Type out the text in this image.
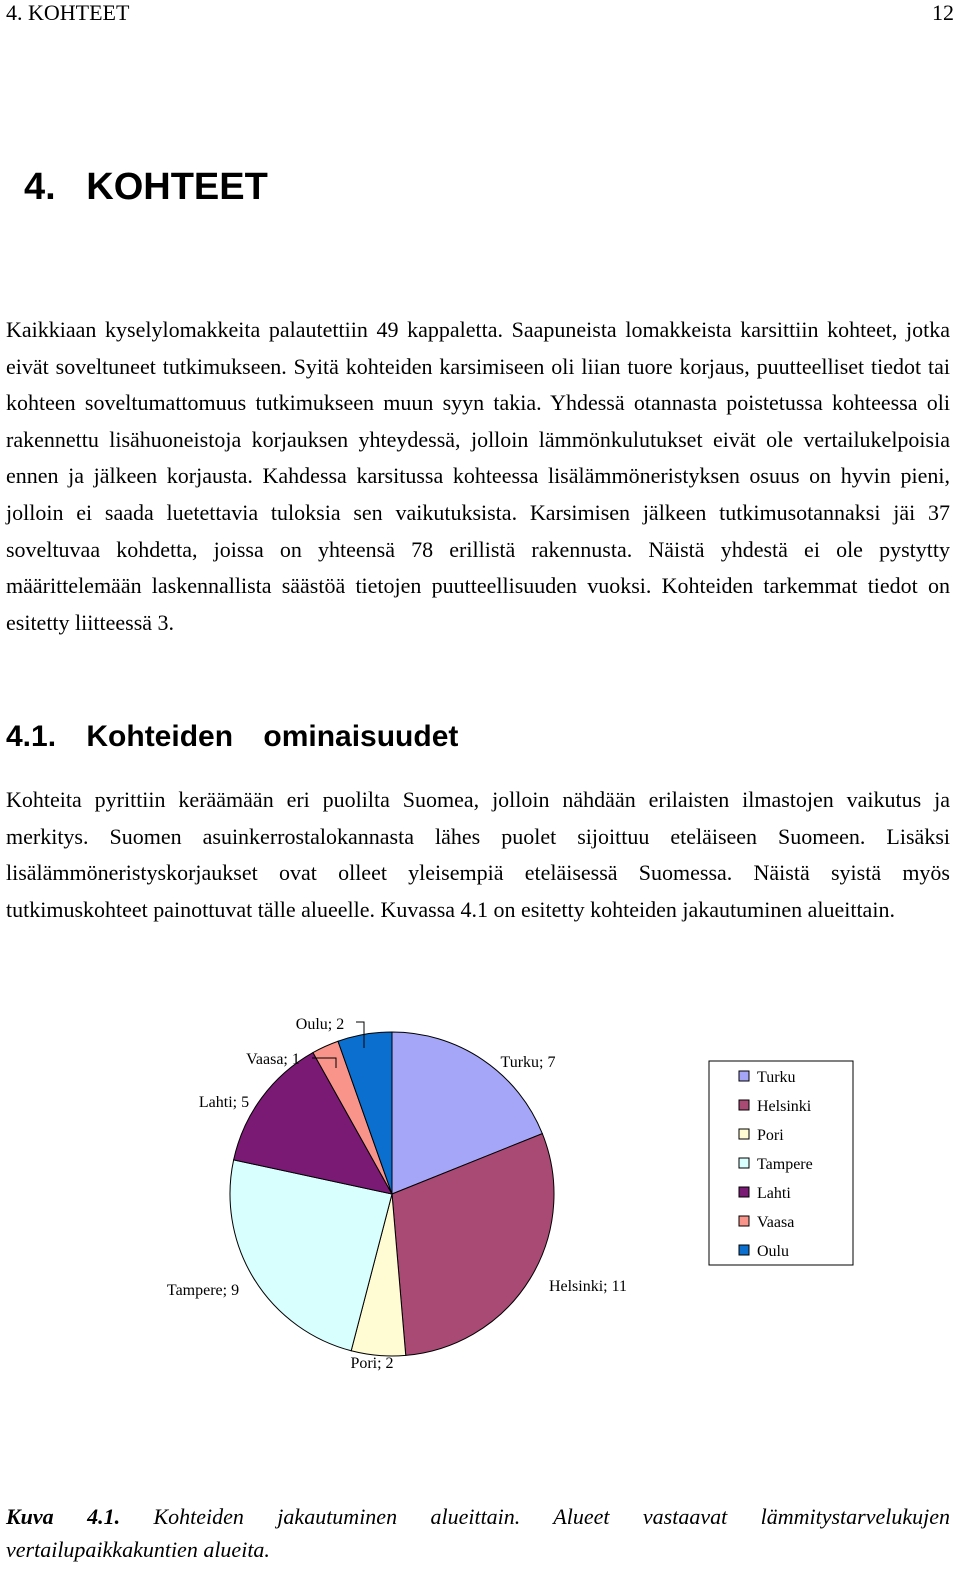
4. KOHTEET	12
4. KOHTEET

Kaikkiaan kyselylomakkeita palautettiin 49 kappaletta. Saapuneista lomakkeista karsittiin kohteet, jotka eivät soveltuneet tutkimukseen. Syitä kohteiden karsimiseen oli liian tuore korjaus, puutteelliset tiedot tai kohteen soveltumattomuus tutkimukseen muun syyn takia. Yhdessä otannasta poistetussa kohteessa oli rakennettu lisähuoneistoja korjauksen yhteydessä, jolloin lämmönkulutukset eivät ole vertailukelpoisia ennen ja jälkeen korjausta. Kahdessa karsitussa kohteessa lisälämmöneristyksen osuus on hyvin pieni, jolloin ei saada luetettavia tuloksia sen vaikutuksista. Karsimisen jälkeen tutkimusotannaksi jäi 37 soveltuvaa kohdetta, joissa on yhteensä 78 erillistä rakennusta. Näistä yhdestä ei ole pystytty määrittelemään laskennallista säästöä tietojen puutteellisuuden vuoksi. Kohteiden tarkemmat tiedot on esitetty liitteessä 3.

4.1. Kohteiden ominaisuudet

Kohteita pyrittiin keräämään eri puolilta Suomea, jolloin nähdään erilaisten ilmastojen vaikutus ja merkitys. Suomen asuinkerrostalokannasta lähes puolet sijoittuu eteläiseen Suomeen. Lisäksi lisälämmöneristyskorjaukset ovat olleet yleisempiä eteläisessä Suomessa. Näistä syistä myös tutkimuskohteet painottuvat tälle alueelle. Kuvassa 4.1 on esitetty kohteiden jakautuminen alueittain.

Turku; 7
Helsinki; 11
Pori; 2
Tampere; 9
Lahti; 5
Vaasa; 1
Oulu; 2
Turku
Helsinki
Pori
Tampere
Lahti
Vaasa
Oulu

Kuva 4.1. Kohteiden jakautuminen alueittain. Alueet vastaavat lämmitystarvelukujen vertailupaikkakuntien alueita.
